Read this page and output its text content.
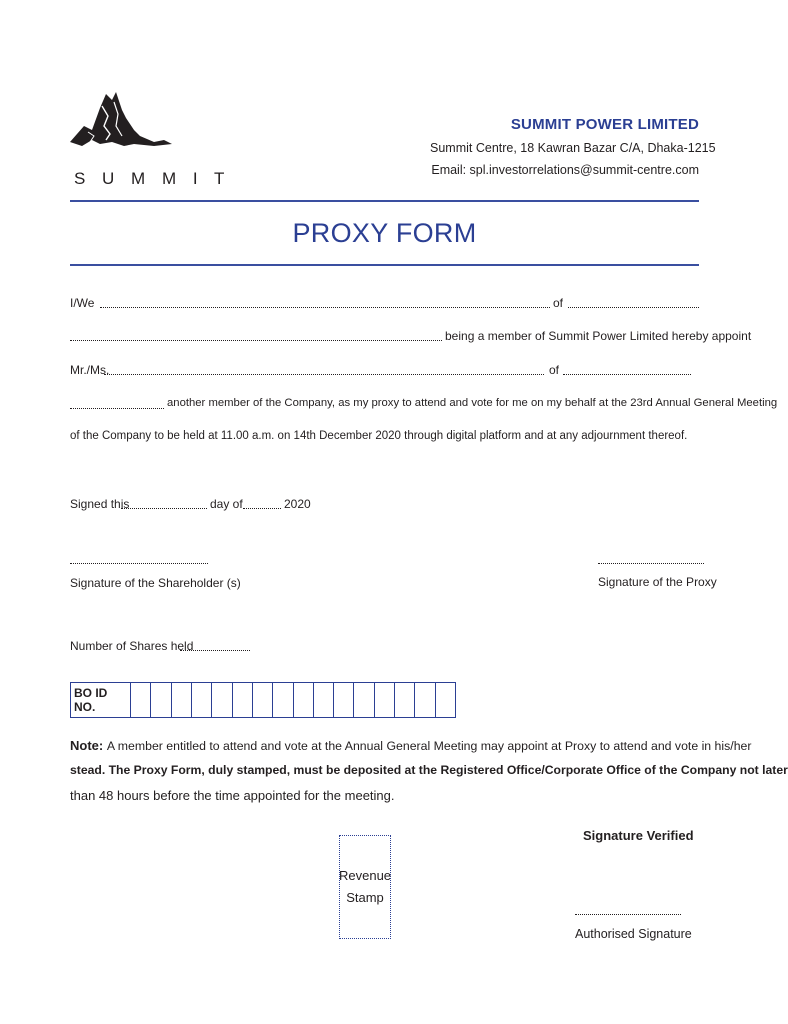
S U M M I T
SUMMIT POWER LIMITED
Summit Centre, 18 Kawran Bazar C/A, Dhaka-1215
Email: spl.investorrelations@summit-centre.com
PROXY FORM
I/We	of
being a member of Summit Power Limited hereby appoint
Mr./Ms.	of
another member of the Company, as my proxy to attend and vote for me on my behalf at the 23rd Annual General Meeting
of the Company to be held at 11.00 a.m. on 14th December 2020 through digital platform and at any adjournment thereof.
Signed this	day of	2020
Signature of the Shareholder (s)	Signature of the Proxy
Number of Shares held
BO ID NO.
Note: A member entitled to attend and vote at the Annual General Meeting may appoint at Proxy to attend and vote in his/her
stead. The Proxy Form, duly stamped, must be deposited at the Registered Office/Corporate Office of the Company not later
than 48 hours before the time appointed for the meeting.
Revenue
Stamp
Signature Verified
Authorised Signature
